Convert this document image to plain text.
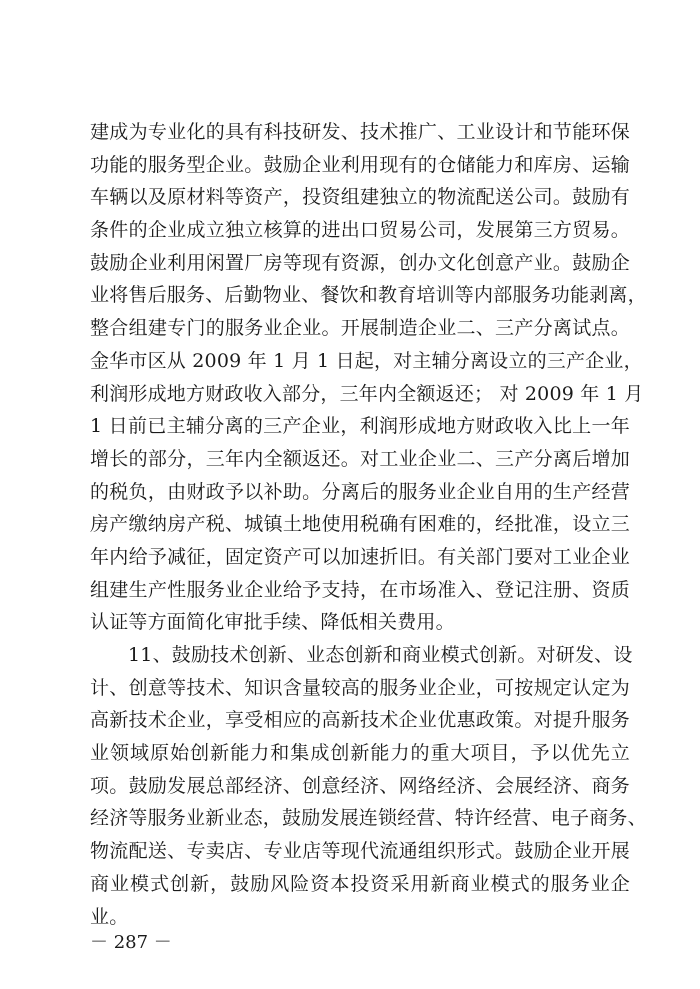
建成为专业化的具有科技研发、技术推广、工业设计和节能环保
功能的服务型企业。鼓励企业利用现有的仓储能力和库房、运输
车辆以及原材料等资产，投资组建独立的物流配送公司。鼓励有
条件的企业成立独立核算的进出口贸易公司，发展第三方贸易。
鼓励企业利用闲置厂房等现有资源，创办文化创意产业。鼓励企
业将售后服务、后勤物业、餐饮和教育培训等内部服务功能剥离，
整合组建专门的服务业企业。开展制造企业二、三产分离试点。
金华市区从 2009 年 1 月 1 日起，对主辅分离设立的三产企业，
利润形成地方财政收入部分，三年内全额返还； 对 2009 年 1 月
1 日前已主辅分离的三产企业，利润形成地方财政收入比上一年
增长的部分，三年内全额返还。对工业企业二、三产分离后增加
的税负，由财政予以补助。分离后的服务业企业自用的生产经营
房产缴纳房产税、城镇土地使用税确有困难的，经批准，设立三
年内给予减征，固定资产可以加速折旧。有关部门要对工业企业
组建生产性服务业企业给予支持，在市场准入、登记注册、资质
认证等方面简化审批手续、降低相关费用。
11、鼓励技术创新、业态创新和商业模式创新。对研发、设
计、创意等技术、知识含量较高的服务业企业，可按规定认定为
高新技术企业，享受相应的高新技术企业优惠政策。对提升服务
业领域原始创新能力和集成创新能力的重大项目，予以优先立
项。鼓励发展总部经济、创意经济、网络经济、会展经济、商务
经济等服务业新业态，鼓励发展连锁经营、特许经营、电子商务、
物流配送、专卖店、专业店等现代流通组织形式。鼓励企业开展
商业模式创新，鼓励风险资本投资采用新商业模式的服务业企
业。
－ 287 －
